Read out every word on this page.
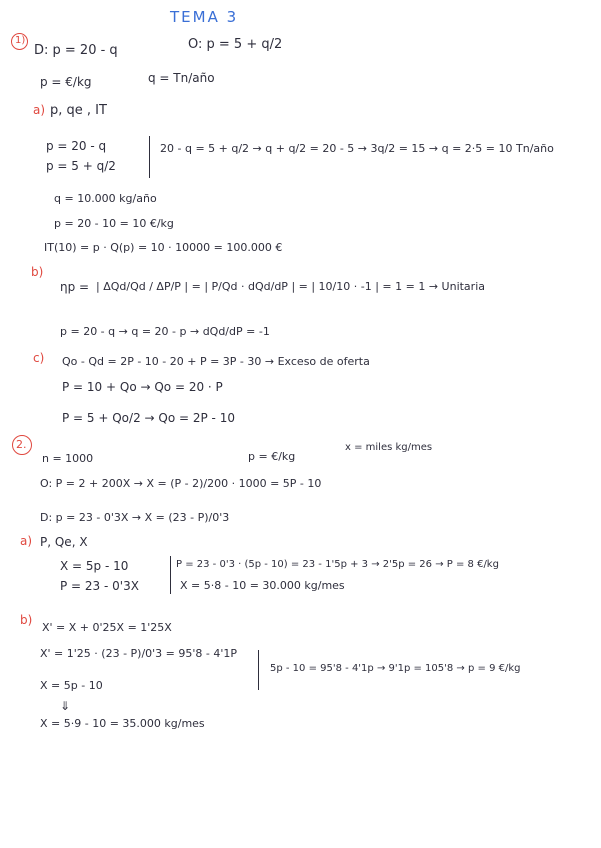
TEMA 3
1)
D: p = 20 - q	O: p = 5 + q/2
p = €/kg	q = Tn/año
a) p, qe , IT
p = 20 - q
p = 5 + q/2
20 - q = 5 + q/2 → q + q/2 = 20 - 5 → 3q/2 = 15 → q = 2·5 = 10 Tn/año
q = 10.000 kg/año
p = 20 - 10 = 10 €/kg
IT(10) = p · Q(p) = 10 · 10000 = 100.000 €
b)
ηp = | ΔQd/Qd / ΔP/P | = | P/Qd · dQd/dP | = | 10/10 · -1 | = 1 = 1 → Unitaria
p = 20 - q → q = 20 - p → dQd/dP = -1
c) Qo - Qd = 2P - 10 - 20 + P = 3P - 30 → Exceso de oferta
P = 10 + Qo → Qo = 20 · P
P = 5 + Qo/2 → Qo = 2P - 10
2.
n = 1000	p = €/kg
x = miles kg/mes
O: P = 2 + 200X → X = (P - 2)/200 · 1000 = 5P - 10
D: p = 23 - 0'3X → X = (23 - P)/0'3
a) P, Qe, X
X = 5p - 10
P = 23 - 0'3X
P = 23 - 0'3 · (5p - 10) = 23 - 1'5p + 3 → 2'5p = 26 → P = 8 €/kg
X = 5·8 - 10 = 30.000 kg/mes
b)
X' = X + 0'25X = 1'25X
X' = 1'25 · (23 - P)/0'3 = 95'8 - 4'1P
X = 5p - 10
⇓
5p - 10 = 95'8 - 4'1p → 9'1p = 105'8 → p = 9 €/kg
X = 5·9 - 10 = 35.000 kg/mes
